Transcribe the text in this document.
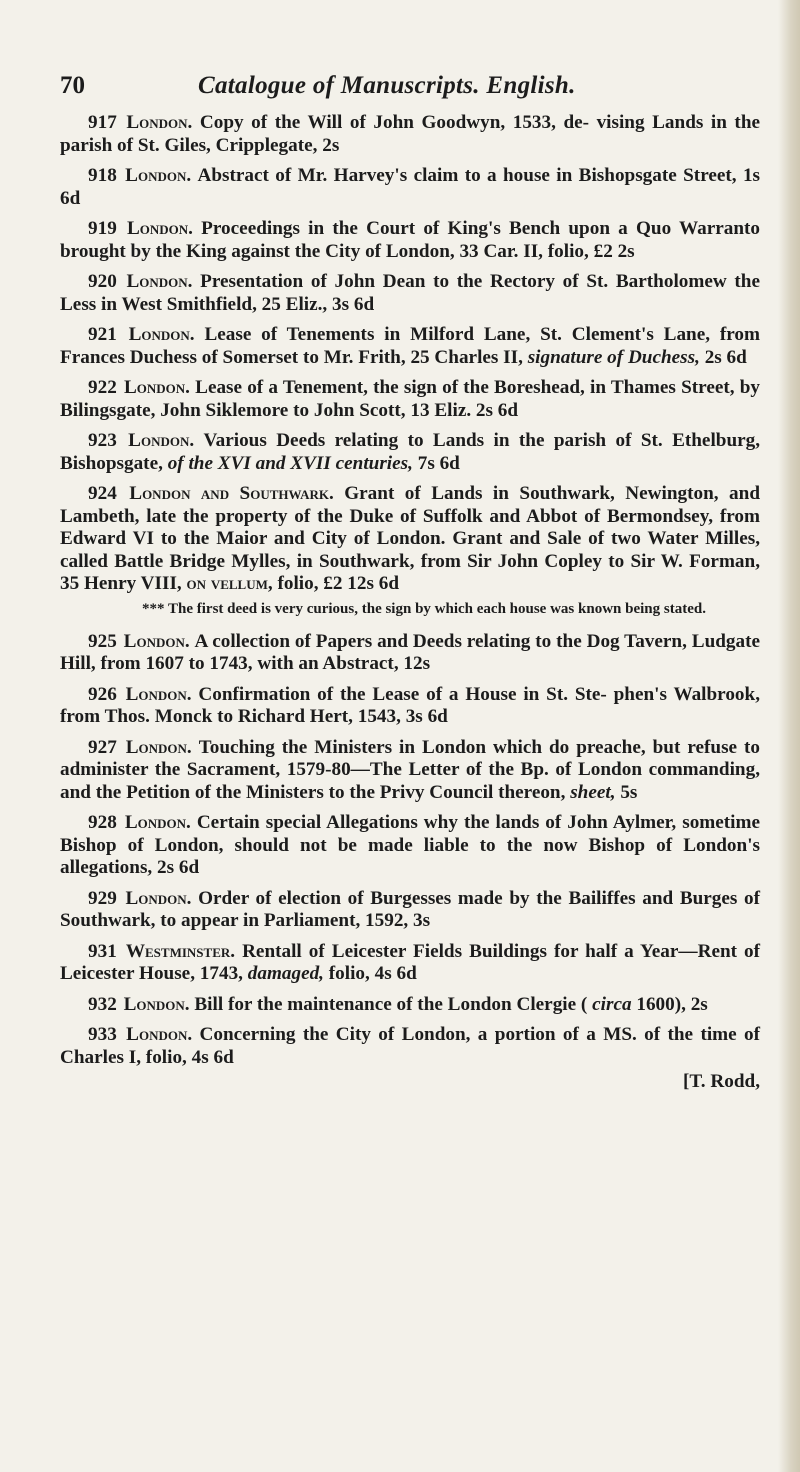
70	Catalogue of Manuscripts. English.

917 London. Copy of the Will of John Goodwyn, 1533, de- vising Lands in the parish of St. Giles, Cripplegate, 2s

918 London. Abstract of Mr. Harvey's claim to a house in Bishopsgate Street, 1s 6d

919 London. Proceedings in the Court of King's Bench upon a Quo Warranto brought by the King against the City of London, 33 Car. II, folio, £2 2s

920 London. Presentation of John Dean to the Rectory of St. Bartholomew the Less in West Smithfield, 25 Eliz., 3s 6d

921 London. Lease of Tenements in Milford Lane, St. Clement's Lane, from Frances Duchess of Somerset to Mr. Frith, 25 Charles II, signature of Duchess, 2s 6d

922 London. Lease of a Tenement, the sign of the Boreshead, in Thames Street, by Bilingsgate, John Siklemore to John Scott, 13 Eliz. 2s 6d

923 London. Various Deeds relating to Lands in the parish of St. Ethelburg, Bishopsgate, of the XVI and XVII centuries, 7s 6d

924 London and Southwark. Grant of Lands in Southwark, Newington, and Lambeth, late the property of the Duke of Suffolk and Abbot of Bermondsey, from Edward VI to the Maior and City of London. Grant and Sale of two Water Milles, called Battle Bridge Mylles, in Southwark, from Sir John Copley to Sir W. Forman, 35 Henry VIII, on vellum, folio, £2 12s 6d

*** The first deed is very curious, the sign by which each house was known being stated.

925 London. A collection of Papers and Deeds relating to the Dog Tavern, Ludgate Hill, from 1607 to 1743, with an Abstract, 12s

926 London. Confirmation of the Lease of a House in St. Ste- phen's Walbrook, from Thos. Monck to Richard Hert, 1543, 3s 6d

927 London. Touching the Ministers in London which do preache, but refuse to administer the Sacrament, 1579-80—The Letter of the Bp. of London commanding, and the Petition of the Ministers to the Privy Council thereon, sheet, 5s

928 London. Certain special Allegations why the lands of John Aylmer, sometime Bishop of London, should not be made liable to the now Bishop of London's allegations, 2s 6d

929 London. Order of election of Burgesses made by the Bailiffes and Burges of Southwark, to appear in Parliament, 1592, 3s

931 Westminster. Rentall of Leicester Fields Buildings for half a Year—Rent of Leicester House, 1743, damaged, folio, 4s 6d

932 London. Bill for the maintenance of the London Clergie ( circa 1600), 2s

933 London. Concerning the City of London, a portion of a MS. of the time of Charles I, folio, 4s 6d

[T. Rodd,
